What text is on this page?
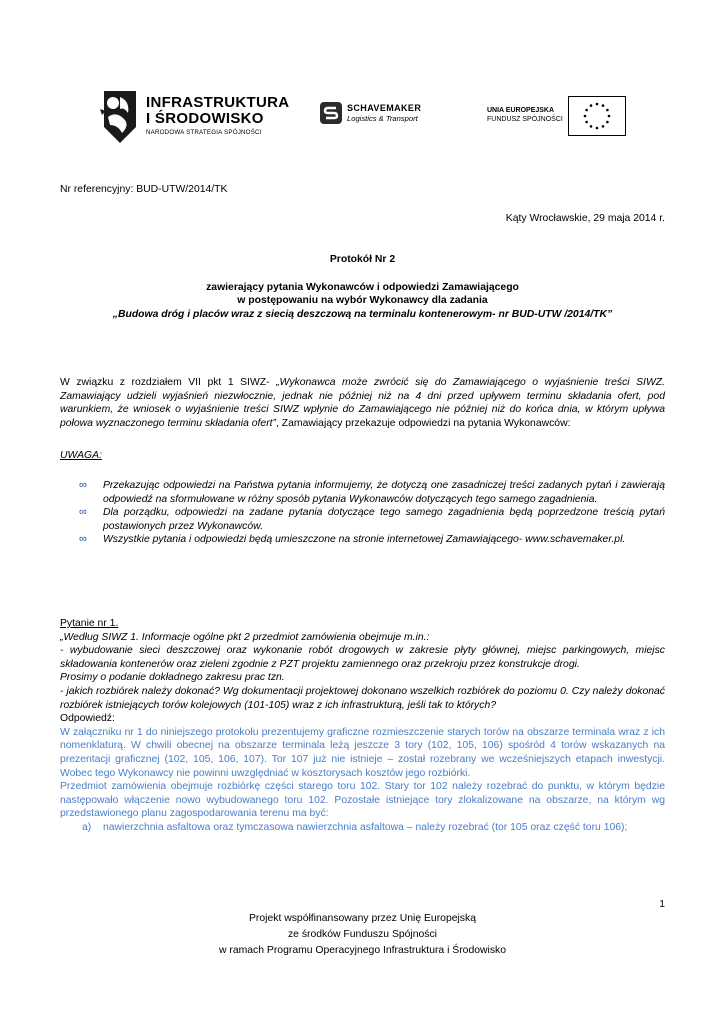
INFRASTRUKTURA
I ŚRODOWISKO
NARODOWA STRATEGIA SPÓJNOŚCI
SCHAVEMAKER
Logistics & Transport
UNIA EUROPEJSKA
FUNDUSZ SPÓJNOŚCI
Nr referencyjny: BUD-UTW/2014/TK
Kąty Wrocławskie, 29 maja 2014 r.
Protokół Nr 2
zawierający pytania Wykonawców i odpowiedzi Zamawiającego
w postępowaniu na wybór Wykonawcy dla zadania
„Budowa dróg i placów wraz z siecią deszczową na terminalu kontenerowym- nr BUD-UTW /2014/TK”
W związku z rozdziałem VII pkt 1 SIWZ- „Wykonawca może zwrócić się do Zamawiającego o wyjaśnienie treści SIWZ. Zamawiający udzieli wyjaśnień niezwłocznie, jednak nie później niż na 4 dni przed upływem terminu składania ofert, pod warunkiem, że wniosek o wyjaśnienie treści SIWZ wpłynie do Zamawiającego nie później niż do końca dnia, w którym upływa połowa wyznaczonego terminu składania ofert”, Zamawiający przekazuje odpowiedzi na pytania Wykonawców:
UWAGA:
∞ Przekazując odpowiedzi na Państwa pytania informujemy, że dotyczą one zasadniczej treści zadanych pytań i zawierają odpowiedź na sformułowane w różny sposób pytania Wykonawców dotyczących tego samego zagadnienia.
∞ Dla porządku, odpowiedzi na zadane pytania dotyczące tego samego zagadnienia będą poprzedzone treścią pytań postawionych przez Wykonawców.
∞ Wszystkie pytania i odpowiedzi będą umieszczone na stronie internetowej Zamawiającego- www.schavemaker.pl.
Pytanie nr 1.
„Według SIWZ 1. Informacje ogólne pkt 2 przedmiot zamówienia obejmuje m.in.:
- wybudowanie sieci deszczowej oraz wykonanie robót drogowych w zakresie płyty głównej, miejsc parkingowych, miejsc składowania kontenerów oraz zieleni zgodnie z PZT projektu zamiennego oraz przekroju przez konstrukcje drogi.
Prosimy o podanie dokładnego zakresu prac tzn.
- jakich rozbiórek należy dokonać? Wg dokumentacji projektowej dokonano wszelkich rozbiórek do poziomu 0. Czy należy dokonać rozbiórek istniejących torów kolejowych (101-105) wraz z ich infrastrukturą, jeśli tak to których?
Odpowiedź:
W załączniku nr 1 do niniejszego protokołu prezentujemy graficzne rozmieszczenie starych torów na obszarze terminala wraz z ich nomenklaturą. W chwili obecnej na obszarze terminala leżą jeszcze 3 tory (102, 105, 106) spośród 4 torów wskazanych na prezentacji graficznej (102, 105, 106, 107). Tor 107 już nie istnieje – został rozebrany we wcześniejszych etapach inwestycji. Wobec tego Wykonawcy nie powinni uwzględniać w kosztorysach kosztów jego rozbiórki.
Przedmiot zamówienia obejmuje rozbiórkę części starego toru 102. Stary tor 102 należy rozebrać do punktu, w którym będzie następowało włączenie nowo wybudowanego toru 102. Pozostałe istniejące tory zlokalizowane na obszarze, na którym wg przedstawionego planu zagospodarowania terenu ma być:
a) nawierzchnia asfaltowa oraz tymczasowa nawierzchnia asfaltowa – należy rozebrać (tor 105 oraz część toru 106);
1
Projekt współfinansowany przez Unię Europejską
ze środków Funduszu Spójności
w ramach Programu Operacyjnego Infrastruktura i Środowisko
